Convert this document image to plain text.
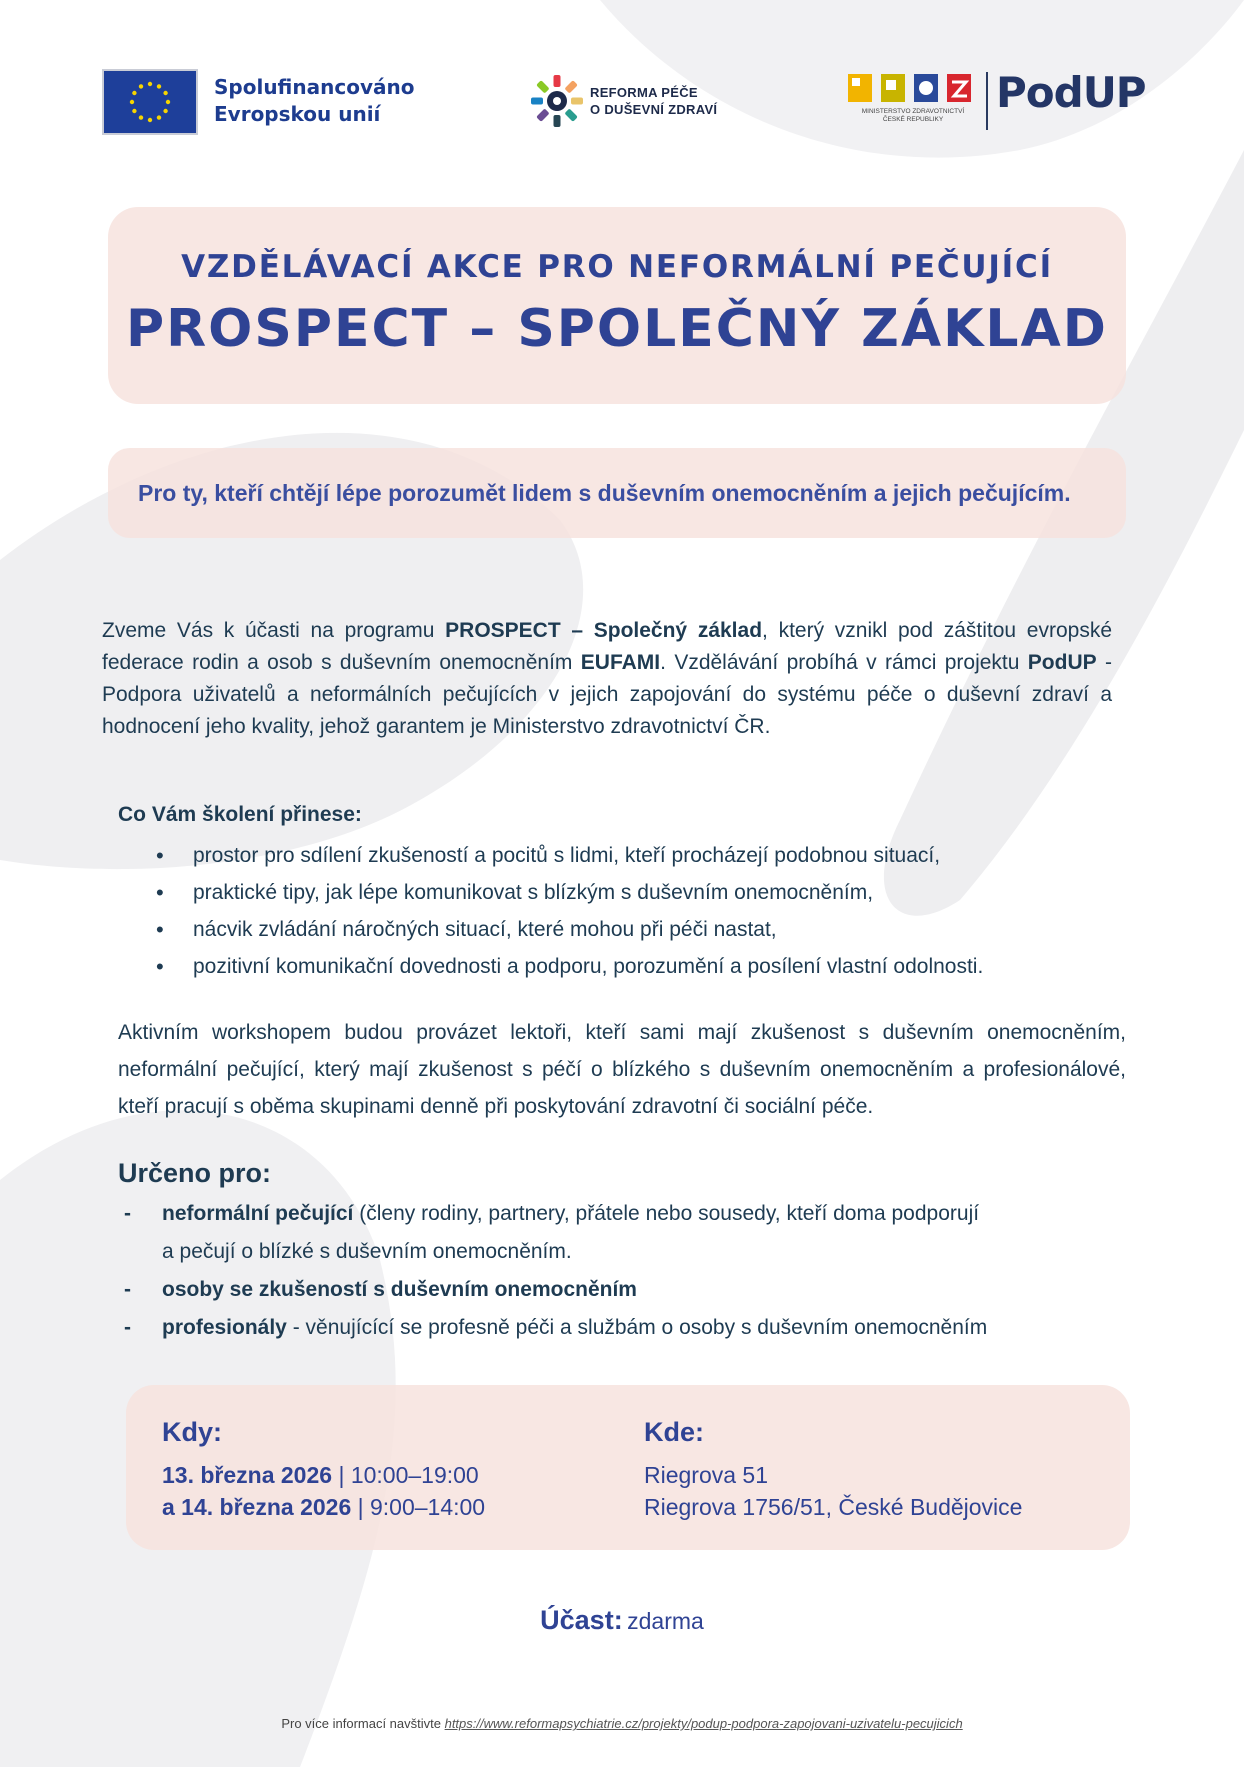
Spolufinancováno
Evropskou unií
REFORMA PÉČE
O DUŠEVNÍ ZDRAVÍ	MINISTERSTVO ZDRAVOTNICTVÍ
ČESKÉ REPUBLIKY
PodUP
VZDĚLÁVACÍ AKCE PRO NEFORMÁLNÍ PEČUJÍCÍ
PROSPECT – SPOLEČNÝ ZÁKLAD
Pro ty, kteří chtějí lépe porozumět lidem s duševním onemocněním a jejich pečujícím.
Zveme Vás k účasti na programu PROSPECT – Společný základ, který vznikl pod záštitou evropské federace rodin a osob s duševním onemocněním EUFAMI. Vzdělávání probíhá v rámci projektu PodUP - Podpora uživatelů a neformálních pečujících v jejich zapojování do systému péče o duševní zdraví a hodnocení jeho kvality, jehož garantem je Ministerstvo zdravotnictví ČR.
Co Vám školení přinese:
• prostor pro sdílení zkušeností a pocitů s lidmi, kteří procházejí podobnou situací,
• praktické tipy, jak lépe komunikovat s blízkým s duševním onemocněním,
• nácvik zvládání náročných situací, které mohou při péči nastat,
• pozitivní komunikační dovednosti a podporu, porozumění a posílení vlastní odolnosti.
Aktivním workshopem budou provázet lektoři, kteří sami mají zkušenost s duševním onemocněním, neformální pečující, který mají zkušenost s péčí o blízkého s duševním onemocněním a profesionálové, kteří pracují s oběma skupinami denně při poskytování zdravotní či sociální péče.
Určeno pro:
- neformální pečující (členy rodiny, partnery, přátele nebo sousedy, kteří doma podporují
a pečují o blízké s duševním onemocněním.
- osoby se zkušeností s duševním onemocněním
- profesionály - věnujícící se profesně péči a službám o osoby s duševním onemocněním
Kdy:
13. března 2026 | 10:00–19:00
a 14. března 2026 | 9:00–14:00
Kde:
Riegrova 51
Riegrova 1756/51, České Budějovice
Účast: zdarma
Pro více informací navštivte https://www.reformapsychiatrie.cz/projekty/podup-podpora-zapojovani-uzivatelu-pecujicich
